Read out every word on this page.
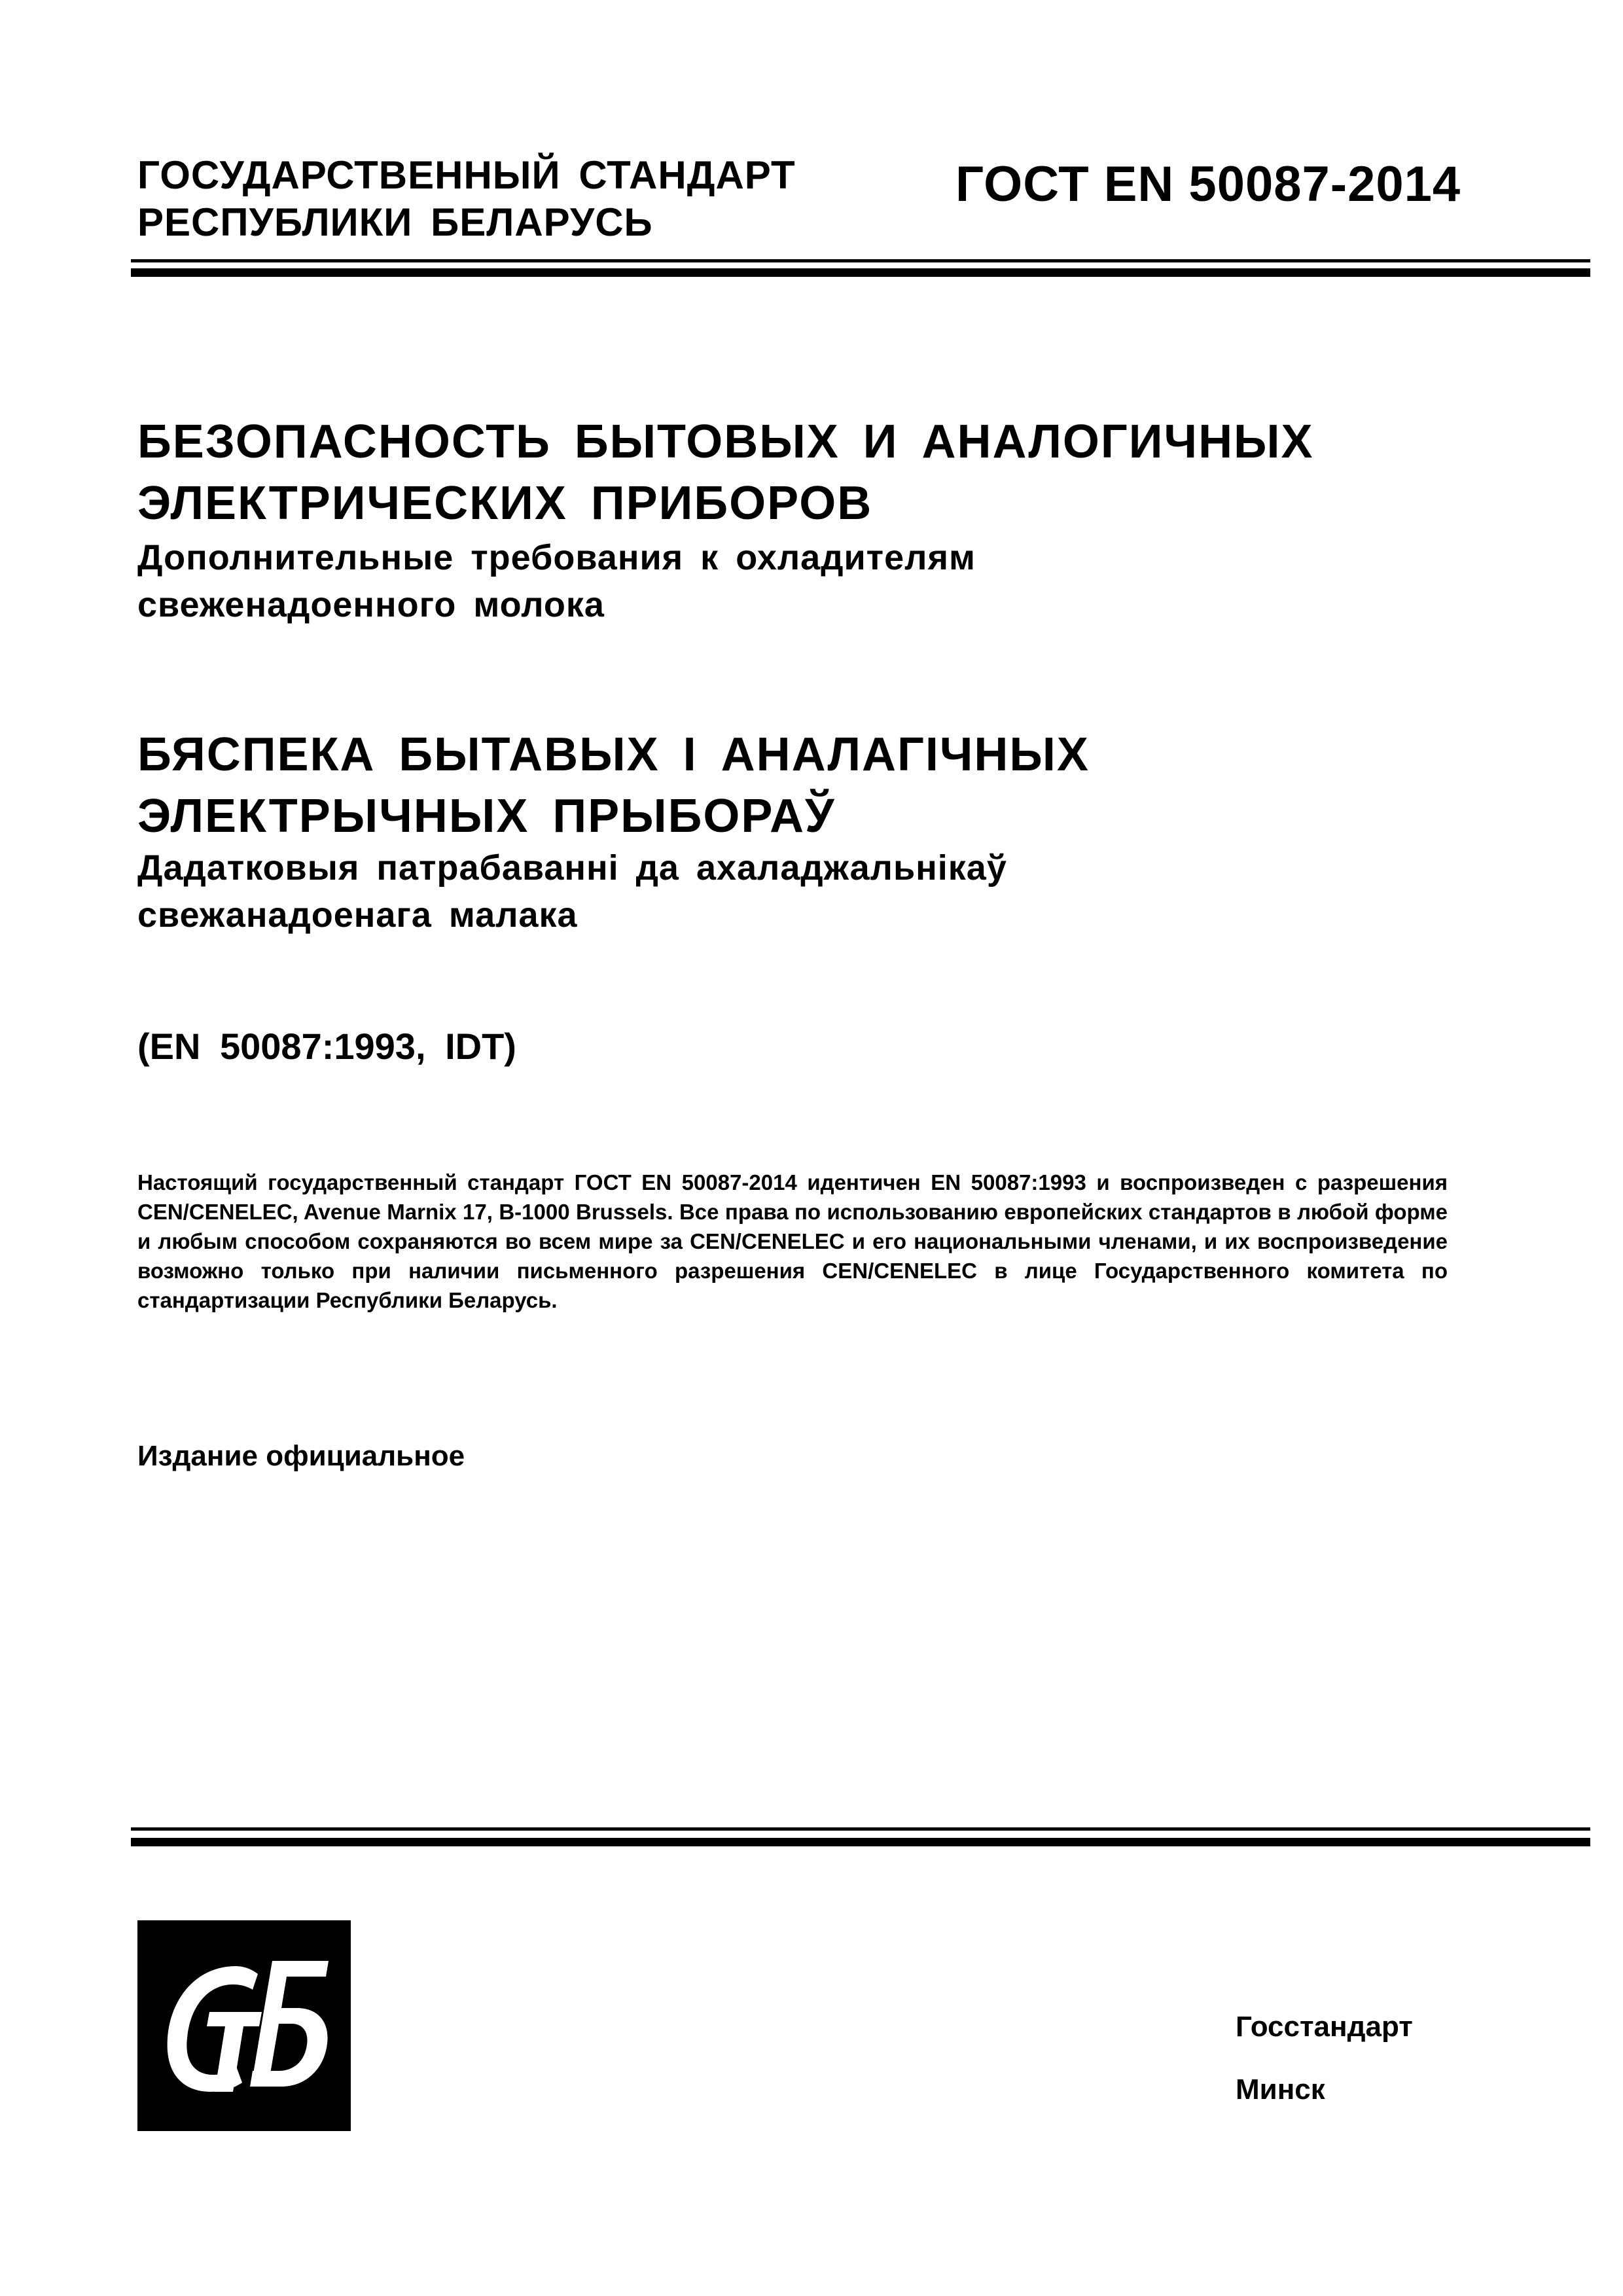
ГОСУДАРСТВЕННЫЙ СТАНДАРТ
РЕСПУБЛИКИ БЕЛАРУСЬ
ГОСТ EN 50087-2014
БЕЗОПАСНОСТЬ БЫТОВЫХ И АНАЛОГИЧНЫХ
ЭЛЕКТРИЧЕСКИХ ПРИБОРОВ
Дополнительные требования к охладителям
свеженадоенного молока
БЯСПЕКА БЫТАВЫХ І АНАЛАГІЧНЫХ
ЭЛЕКТРЫЧНЫХ ПРЫБОРАЎ
Дадатковыя патрабаванні да ахаладжальнікаў
свежанадоенага малака
(EN 50087:1993, IDT)
Настоящий государственный стандарт ГОСТ EN 50087-2014 идентичен EN 50087:1993 и воспроизведен с разрешения CEN/CENELEC, Avenue Marnix 17, B-1000 Brussels. Все права по использованию европейских стандартов в любой форме и любым способом сохраняются во всем мире за CEN/CENELEC и его национальными членами, и их воспроизведение возможно только при наличии письменного разрешения CEN/CENELEC в лице Государственного комитета по стандартизации Республики Беларусь.
Издание официальное
Госстандарт
Минск
